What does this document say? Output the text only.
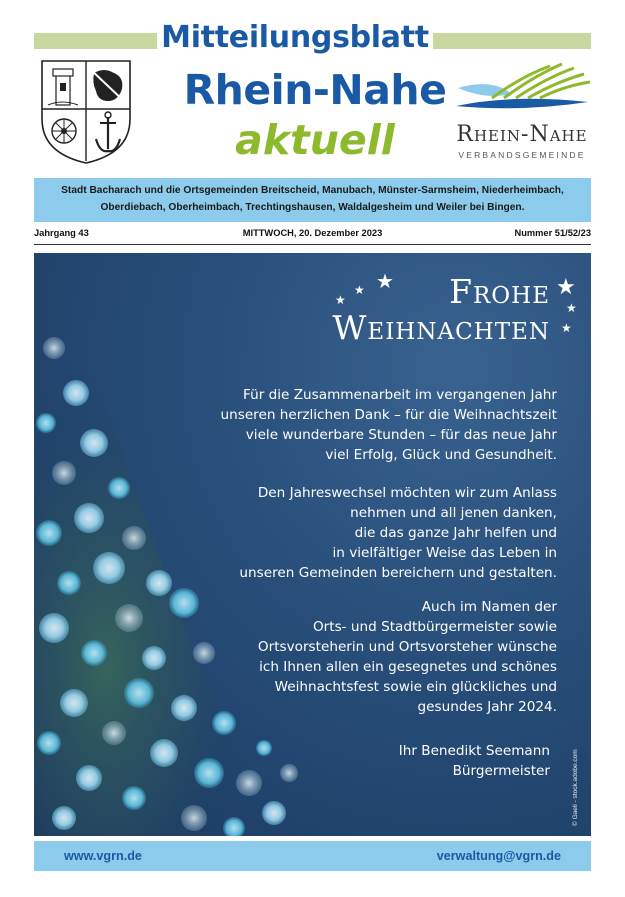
Mitteilungsblatt
Rhein-Nahe
aktuell	Rhein-Nahe
VERBANDSGEMEINDE
Stadt Bacharach und die Ortsgemeinden Breitscheid, Manubach, Münster-Sarmsheim, Niederheimbach,
Oberdiebach, Oberheimbach, Trechtingshausen, Waldalgesheim und Weiler bei Bingen.
Jahrgang 43	MITTWOCH, 20. Dezember 2023	Nummer 51/52/23
★
★ ★	★
★
★
Frohe
Weihnachten
Für die Zusammenarbeit im vergangenen Jahr
unseren herzlichen Dank – für die Weihnachtszeit
viele wunderbare Stunden – für das neue Jahr
viel Erfolg, Glück und Gesundheit.
Den Jahreswechsel möchten wir zum Anlass
nehmen und all jenen danken,
die das ganze Jahr helfen und
in vielfältiger Weise das Leben in
unseren Gemeinden bereichern und gestalten.
Auch im Namen der
Orts- und Stadtbürgermeister sowie
Ortsvorsteherin und Ortsvorsteher wünsche
ich Ihnen allen ein gesegnetes und schönes
Weihnachtsfest sowie ein glückliches und
gesundes Jahr 2024.
Ihr Benedikt Seemann
Bürgermeister	© Gaeli - stock.adobe.com
www.vgrn.de	verwaltung@vgrn.de
